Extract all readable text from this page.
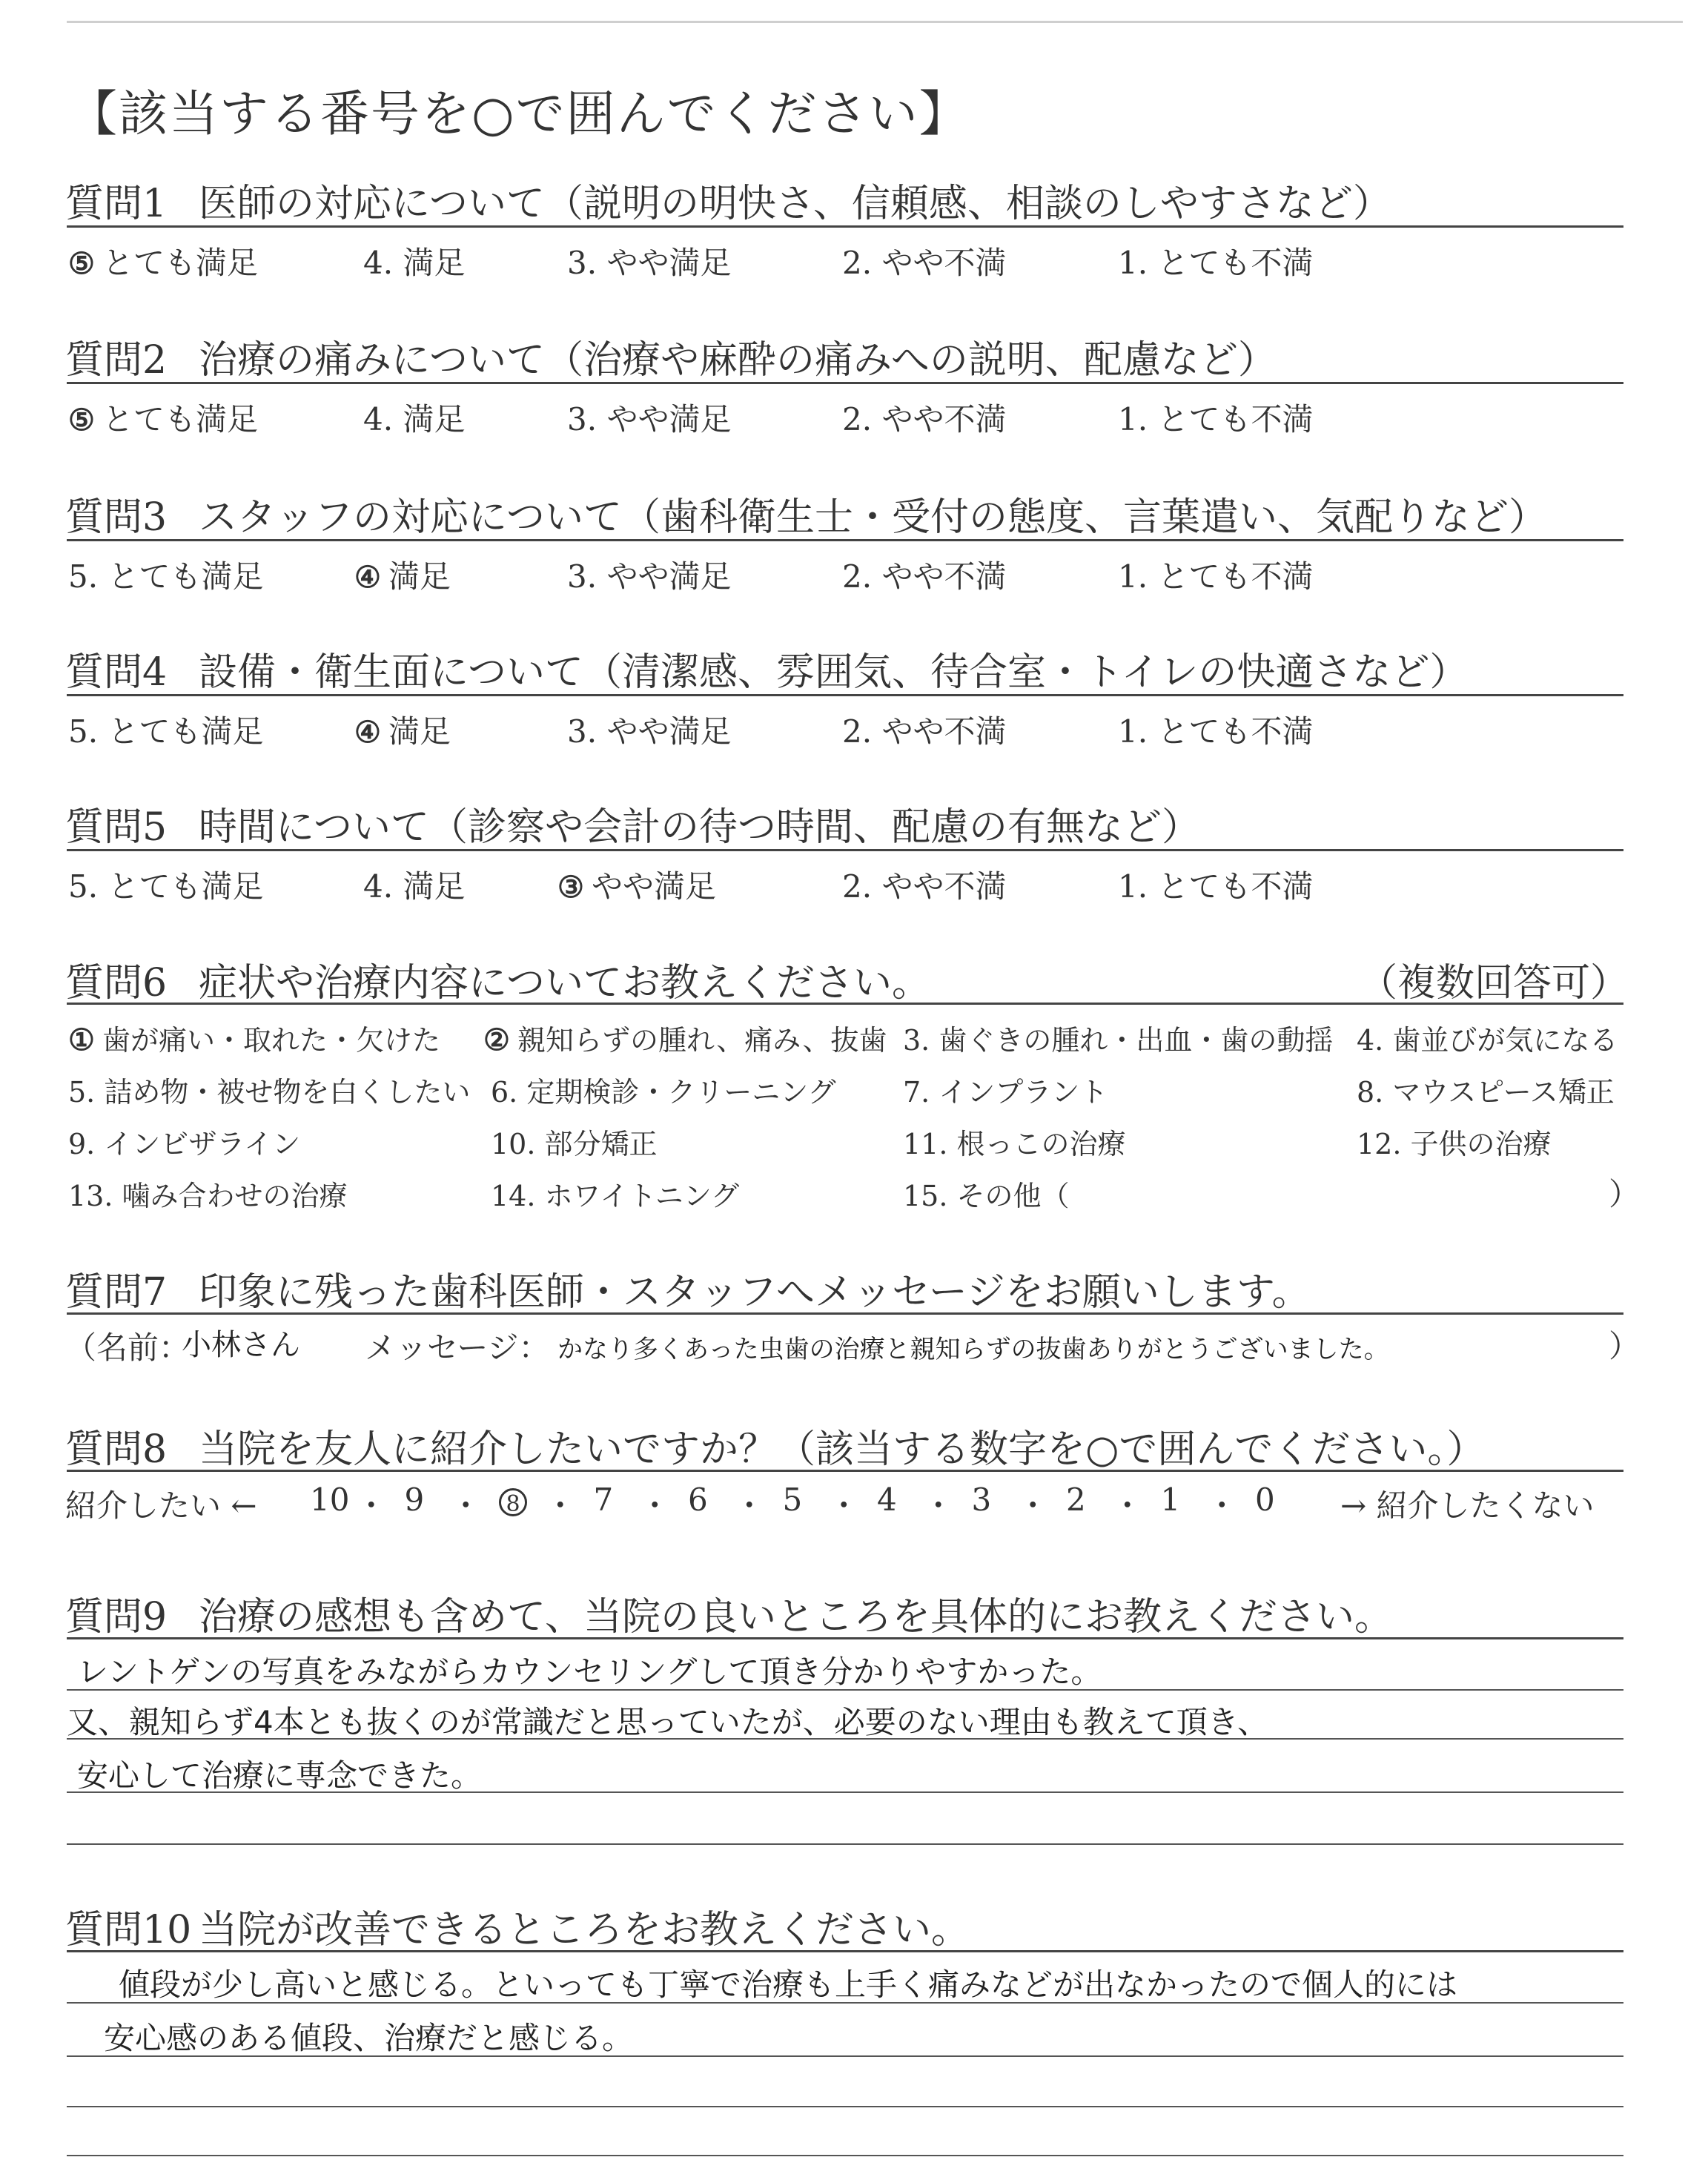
【該当する番号を○で囲んでください】
質問1 医師の対応について（説明の明快さ、信頼感、相談のしやすさなど）
⑤ とても満足	4. 満足	3. やや満足	2. やや不満	1. とても不満
質問2 治療の痛みについて（治療や麻酔の痛みへの説明、配慮など）
⑤ とても満足	4. 満足	3. やや満足	2. やや不満	1. とても不満
質問3 スタッフの対応について（歯科衛生士・受付の態度、言葉遣い、気配りなど）
5. とても満足	④ 満足	3. やや満足	2. やや不満	1. とても不満
質問4 設備・衛生面について（清潔感、雰囲気、待合室・トイレの快適さなど）
5. とても満足	④ 満足	3. やや満足	2. やや不満	1. とても不満
質問5 時間について（診察や会計の待つ時間、配慮の有無など）
5. とても満足	4. 満足	③ やや満足	2. やや不満	1. とても不満
質問6 症状や治療内容についてお教えください。	（複数回答可）
① 歯が痛い・取れた・欠けた ② 親知らずの腫れ、痛み、抜歯 3. 歯ぐきの腫れ・出血・歯の動揺 4. 歯並びが気になる
5. 詰め物・被せ物を白くしたい 6. 定期検診・クリーニング 7. インプラント	8. マウスピース矯正
9. インビザライン	10. 部分矯正	11. 根っこの治療	12. 子供の治療
13. 噛み合わせの治療	14. ホワイトニング	15. その他（	）
質問7 印象に残った歯科医師・スタッフへメッセージをお願いします。
（名前：
小林さん メッセージ： かなり多くあった虫歯の治療と親知らずの抜歯ありがとうございました。	）
質問8 当院を友人に紹介したいですか？（該当する数字を○で囲んでください。）
紹介したい ← 10 ・ 9 ・	8 ・ 7 ・ 6 ・ 5 ・ 4 ・ 3 ・ 2 ・ 1 ・ 0 → 紹介したくない
質問9 治療の感想も含めて、当院の良いところを具体的にお教えください。
レントゲンの写真をみながらカウンセリングして頂き分かりやすかった。
又、親知らず4本とも抜くのが常識だと思っていたが、必要のない理由も教えて頂き、
安心して治療に専念できた。
質問10 当院が改善できるところをお教えください。
値段が少し高いと感じる。といっても丁寧で治療も上手く痛みなどが出なかったので個人的には
安心感のある値段、治療だと感じる。
